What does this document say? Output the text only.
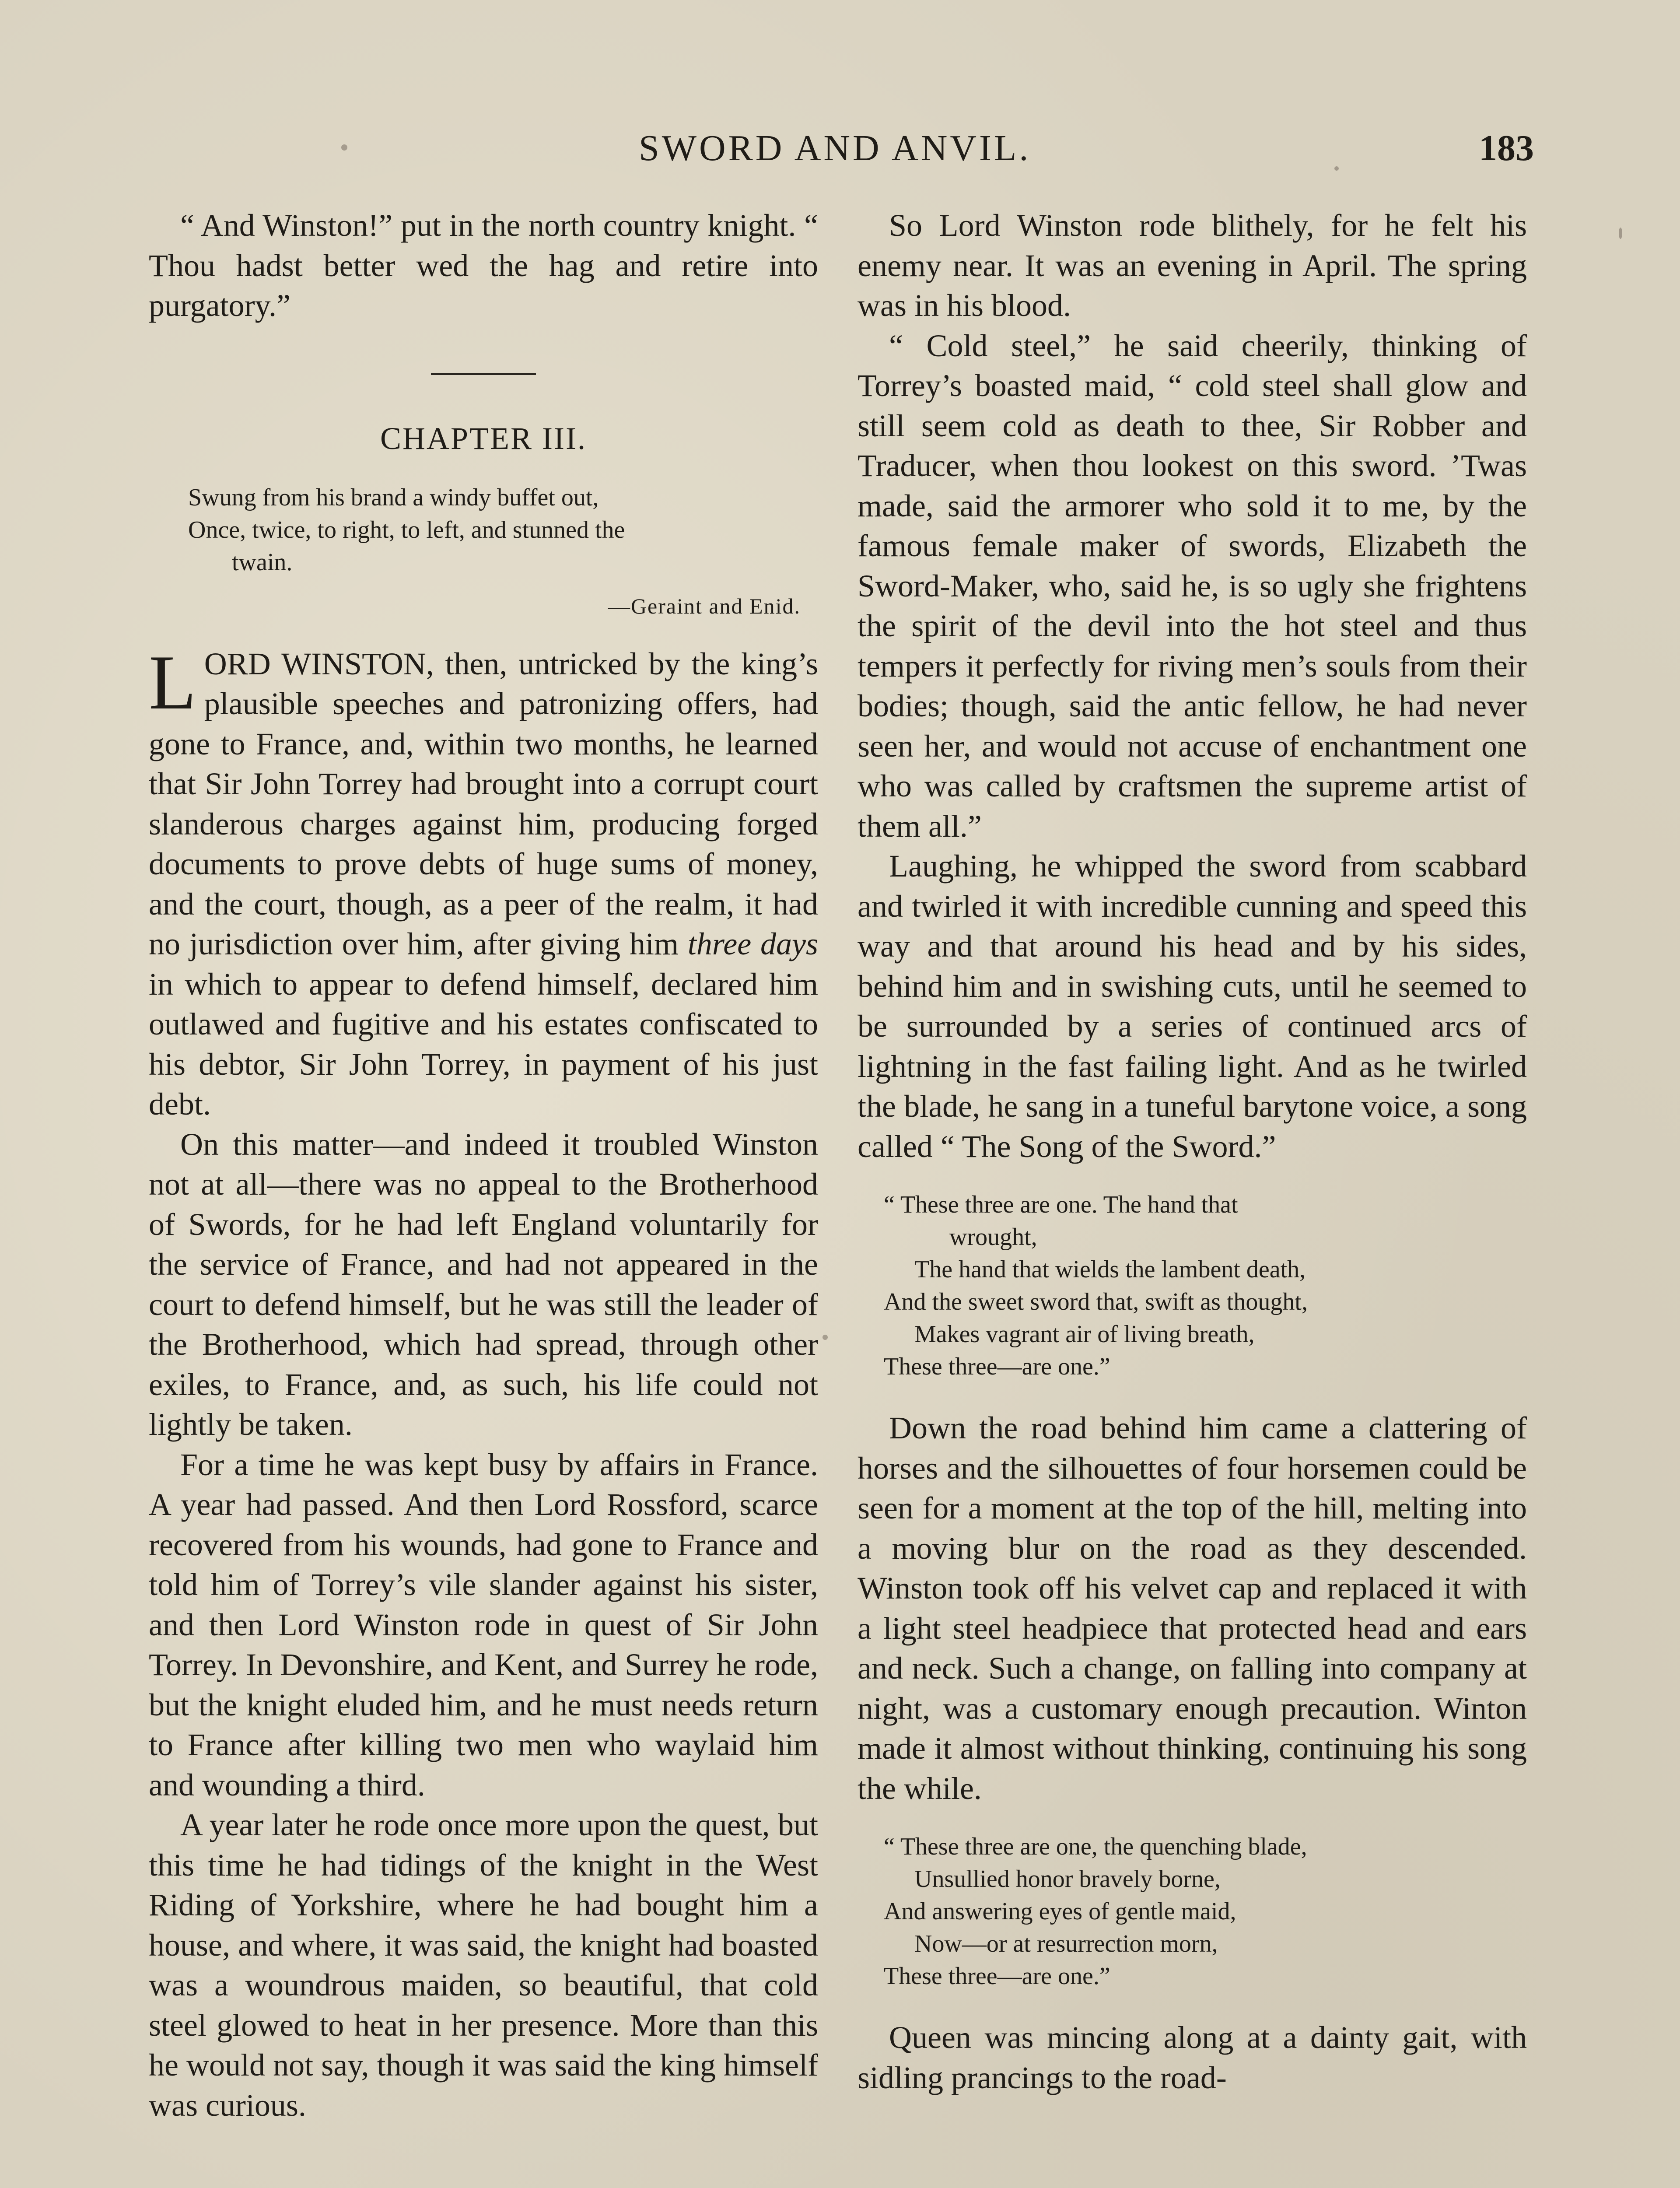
SWORD AND ANVIL.	183

“ And Winston!” put in the north country knight. “ Thou hadst better wed the hag and retire into purgatory.”

CHAPTER III.
Swung from his brand a windy buffet out,
Once, twice, to right, to left, and stunned the
twain.
—Geraint and Enid.

LORD WINSTON, then, untricked by the king’s plausible speeches and patronizing offers, had gone to France, and, within two months, he learned that Sir John Torrey had brought into a corrupt court slanderous charges against him, producing forged documents to prove debts of huge sums of money, and the court, though, as a peer of the realm, it had no jurisdiction over him, after giving him three days in which to appear to defend himself, declared him outlawed and fugitive and his estates confiscated to his debtor, Sir John Torrey, in payment of his just debt.

On this matter—and indeed it troubled Winston not at all—there was no appeal to the Brotherhood of Swords, for he had left England voluntarily for the service of France, and had not appeared in the court to defend himself, but he was still the leader of the Brotherhood, which had spread, through other exiles, to France, and, as such, his life could not lightly be taken.

For a time he was kept busy by affairs in France. A year had passed. And then Lord Rossford, scarce recovered from his wounds, had gone to France and told him of Torrey’s vile slander against his sister, and then Lord Winston rode in quest of Sir John Torrey. In Devonshire, and Kent, and Surrey he rode, but the knight eluded him, and he must needs return to France after killing two men who waylaid him and wounding a third.

A year later he rode once more upon the quest, but this time he had tidings of the knight in the West Riding of Yorkshire, where he had bought him a house, and where, it was said, the knight had boasted was a woundrous maiden, so beautiful, that cold steel glowed to heat in her presence. More than this he would not say, though it was said the king himself was curious.

So Lord Winston rode blithely, for he felt his enemy near. It was an evening in April. The spring was in his blood.

“ Cold steel,” he said cheerily, thinking of Torrey’s boasted maid, “ cold steel shall glow and still seem cold as death to thee, Sir Robber and Traducer, when thou lookest on this sword. ’Twas made, said the armorer who sold it to me, by the famous female maker of swords, Elizabeth the Sword-Maker, who, said he, is so ugly she frightens the spirit of the devil into the hot steel and thus tempers it perfectly for riving men’s souls from their bodies; though, said the antic fellow, he had never seen her, and would not accuse of enchantment one who was called by craftsmen the supreme artist of them all.”

Laughing, he whipped the sword from scabbard and twirled it with incredible cunning and speed this way and that around his head and by his sides, behind him and in swishing cuts, until he seemed to be surrounded by a series of continued arcs of lightning in the fast failing light. And as he twirled the blade, he sang in a tuneful barytone voice, a song called “ The Song of the Sword.”

“ These three are one. The hand that
wrought,
The hand that wields the lambent death,
And the sweet sword that, swift as thought,
Makes vagrant air of living breath,
These three—are one.”

Down the road behind him came a clattering of horses and the silhouettes of four horsemen could be seen for a moment at the top of the hill, melting into a moving blur on the road as they descended. Winston took off his velvet cap and replaced it with a light steel headpiece that protected head and ears and neck. Such a change, on falling into company at night, was a customary enough precaution. Winton made it almost without thinking, continuing his song the while.

“ These three are one, the quenching blade,
Unsullied honor bravely borne,
And answering eyes of gentle maid,
Now—or at resurrection morn,
These three—are one.”

Queen was mincing along at a dainty gait, with sidling prancings to the road-
